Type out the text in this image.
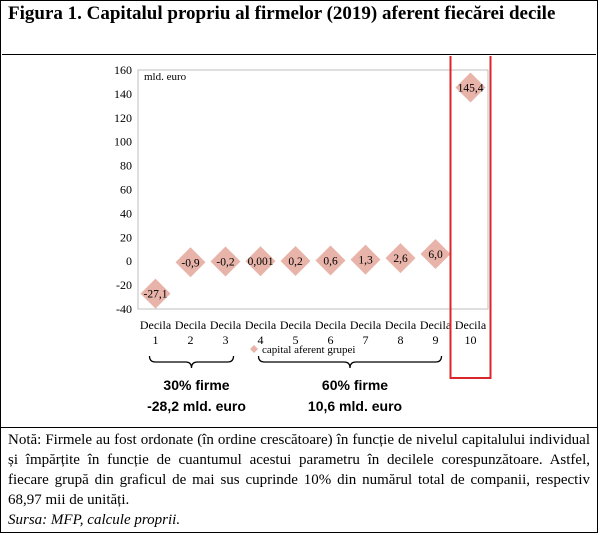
Figura 1. Capitalul propriu al firmelor (2019) aferent fiecărei decile
mld. euro
160
140
120
100
80
60
40
20
0
-20
-40
Decila
1
Decila
2
Decila
3
Decila
4
Decila
5
Decila
6
Decila
7
Decila
8
Decila
9
Decila
10
-27,1
-0,9 -0,2 0,001 0,2 0,6 1,3 2,6 6,0
145,4
capital aferent grupei
30% firme
-28,2 mld. euro
60% firme
10,6 mld. euro
Notă: Firmele au fost ordonate (în ordine crescătoare) în funcție de nivelul capitalului individual și împărțite în funcție de cuantumul acestui parametru în decilele corespunzătoare. Astfel, fiecare grupă din graficul de mai sus cuprinde 10% din numărul total de companii, respectiv 68,97 mii de unități.
Sursa: MFP, calcule proprii.
